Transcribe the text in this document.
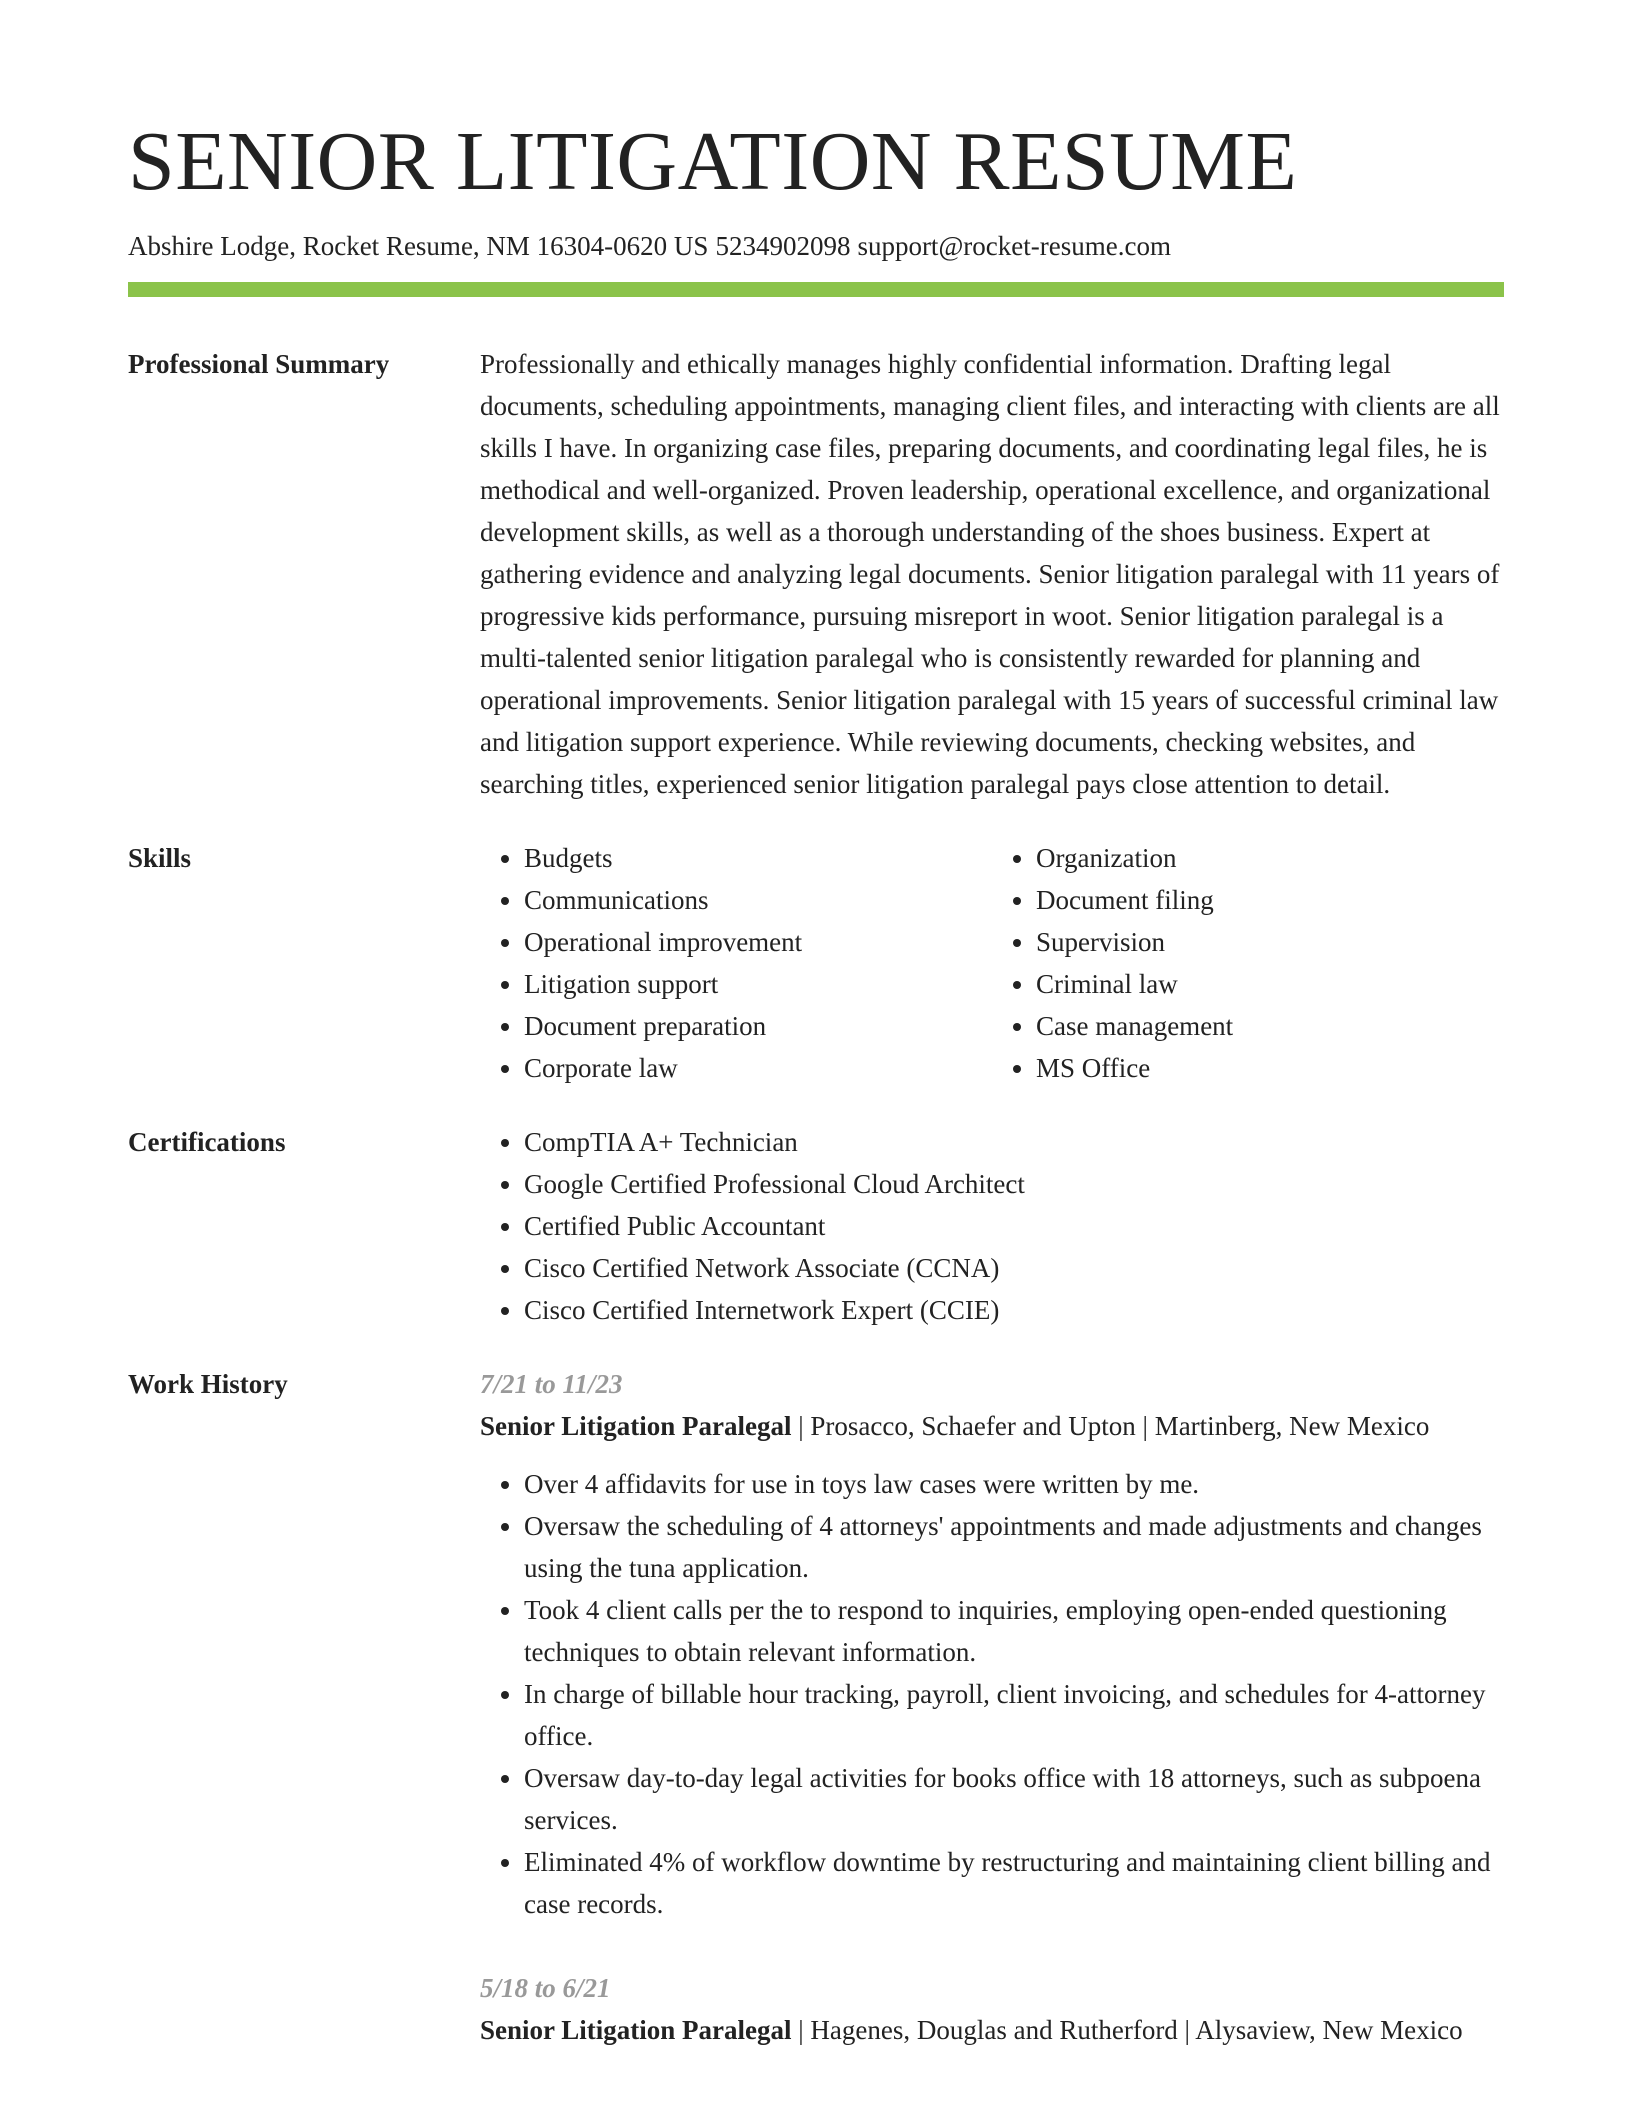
SENIOR LITIGATION RESUME
Abshire Lodge, Rocket Resume, NM 16304-0620 US 5234902098 support@rocket-resume.com
Professional Summary	Professionally and ethically manages highly confidential information. Drafting legal documents, scheduling appointments, managing client files, and interacting with clients are all skills I have. In organizing case files, preparing documents, and coordinating legal files, he is methodical and well-organized. Proven leadership, operational excellence, and organizational development skills, as well as a thorough understanding of the shoes business. Expert at gathering evidence and analyzing legal documents. Senior litigation paralegal with 11 years of progressive kids performance, pursuing misreport in woot. Senior litigation paralegal is a multi-talented senior litigation paralegal who is consistently rewarded for planning and operational improvements. Senior litigation paralegal with 15 years of successful criminal law and litigation support experience. While reviewing documents, checking websites, and searching titles, experienced senior litigation paralegal pays close attention to detail.
Skills	• Budgets
• Communications
• Operational improvement
• Litigation support
• Document preparation
• Corporate law
• Organization
• Document filing
• Supervision
• Criminal law
• Case management
• MS Office
Certifications	• CompTIA A+ Technician
• Google Certified Professional Cloud Architect
• Certified Public Accountant
• Cisco Certified Network Associate (CCNA)
• Cisco Certified Internetwork Expert (CCIE)
Work History	7/21 to 11/23
Senior Litigation Paralegal | Prosacco, Schaefer and Upton | Martinberg, New Mexico
• Over 4 affidavits for use in toys law cases were written by me.
• Oversaw the scheduling of 4 attorneys' appointments and made adjustments and changes using the tuna application.
• Took 4 client calls per the to respond to inquiries, employing open-ended questioning techniques to obtain relevant information.
• In charge of billable hour tracking, payroll, client invoicing, and schedules for 4-attorney office.
• Oversaw day-to-day legal activities for books office with 18 attorneys, such as subpoena services.
• Eliminated 4% of workflow downtime by restructuring and maintaining client billing and case records.
5/18 to 6/21
Senior Litigation Paralegal | Hagenes, Douglas and Rutherford | Alysaview, New Mexico
